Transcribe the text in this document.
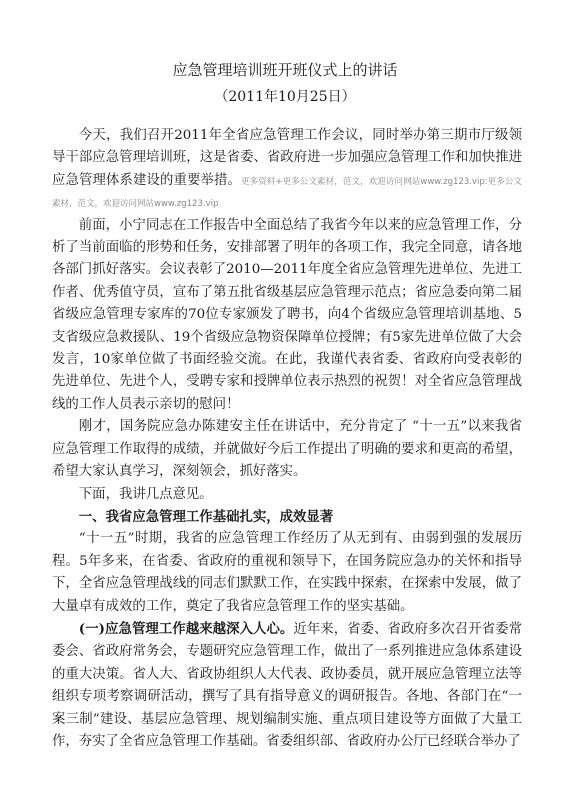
应急管理培训班开班仪式上的讲话
（2011年10月25日）

今天，我们召开2011年全省应急管理工作会议，同时举办第三期市厅级领导干部应急管理培训班，这是省委、省政府进一步加强应急管理工作和加快推进应急管理体系建设的重要举措。更多资料+更多公文素材，范文，欢迎访问网站www.zg123.vip:更多公文素材，范文，欢迎访问网站www.zg123.vip

前面，小宁同志在工作报告中全面总结了我省今年以来的应急管理工作，分析了当前面临的形势和任务，安排部署了明年的各项工作，我完全同意，请各地各部门抓好落实。会议表彰了2010—2011年度全省应急管理先进单位、先进工作者、优秀值守员，宣布了第五批省级基层应急管理示范点；省应急委向第二届省级应急管理专家库的70位专家颁发了聘书，向4个省级应急管理培训基地、5支省级应急救援队、19个省级应急物资保障单位授牌；有5家先进单位做了大会发言，10家单位做了书面经验交流。在此，我谨代表省委、省政府向受表彰的先进单位、先进个人，受聘专家和授牌单位表示热烈的祝贺！对全省应急管理战线的工作人员表示亲切的慰问！

刚才，国务院应急办陈建安主任在讲话中，充分肯定了 “十一五”以来我省应急管理工作取得的成绩，并就做好今后工作提出了明确的要求和更高的希望，希望大家认真学习，深刻领会，抓好落实。

下面，我讲几点意见。

一、我省应急管理工作基础扎实，成效显著

“十一五”时期，我省的应急管理工作经历了从无到有、由弱到强的发展历程。5年多来，在省委、省政府的重视和领导下，在国务院应急办的关怀和指导下，全省应急管理战线的同志们默默工作，在实践中探索，在探索中发展，做了大量卓有成效的工作，奠定了我省应急管理工作的坚实基础。

(一)应急管理工作越来越深入人心。近年来，省委、省政府多次召开省委常委会、省政府常务会，专题研究应急管理工作，做出了一系列推进应急体系建设的重大决策。省人大、省政协组织人大代表、政协委员，就开展应急管理立法等组织专项考察调研活动，撰写了具有指导意义的调研报告。各地、各部门在“一案三制”建设、基层应急管理、规划编制实施、重点项目建设等方面做了大量工作，夯实了全省应急管理工作基础。省委组织部、省政府办公厅已经联合举办了
